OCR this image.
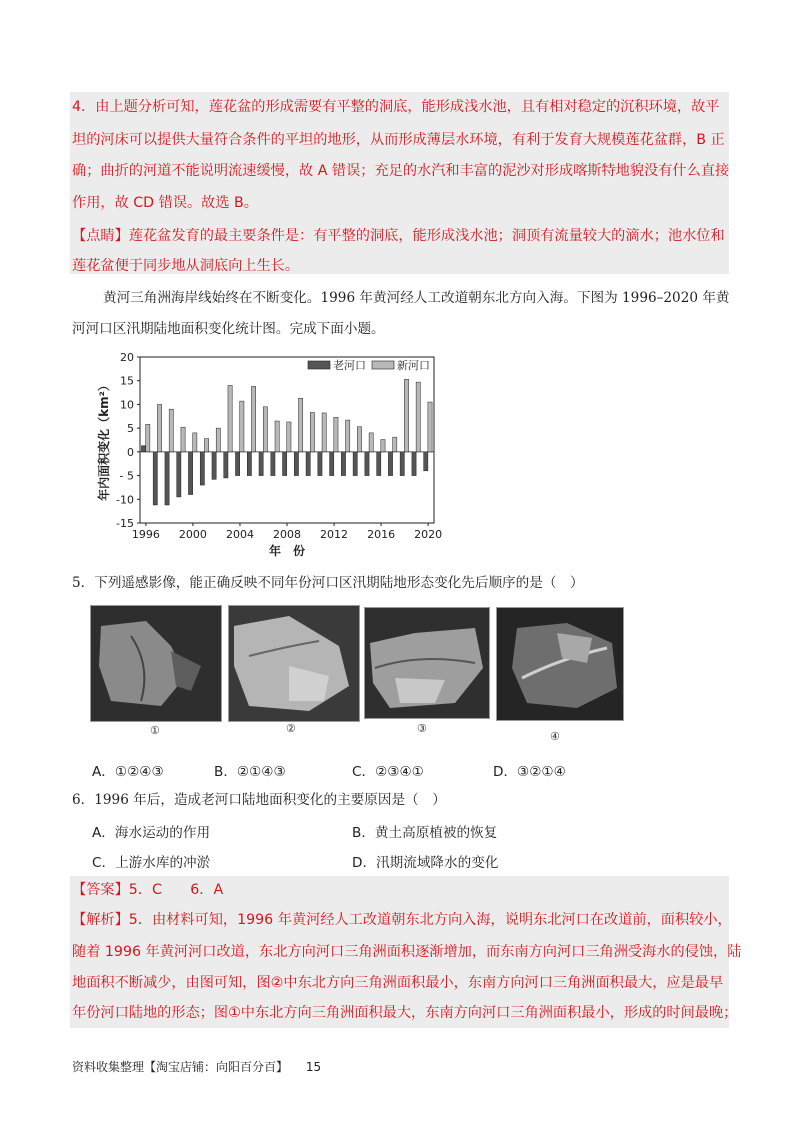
4．由上题分析可知，莲花盆的形成需要有平整的洞底，能形成浅水池，且有相对稳定的沉积环境，故平
坦的河床可以提供大量符合条件的平坦的地形，从而形成薄层水环境，有利于发育大规模莲花盆群，B 正
确；曲折的河道不能说明流速缓慢，故 A 错误；充足的水汽和丰富的泥沙对形成喀斯特地貌没有什么直接
作用，故 CD 错误。故选 B。
【点睛】莲花盆发育的最主要条件是：有平整的洞底，能形成浅水池；洞顶有流量较大的滴水；池水位和
莲花盆便于同步地从洞底向上生长。
黄河三角洲海岸线始终在不断变化。1996 年黄河经人工改道朝东北方向入海。下图为 1996–2020 年黄
河河口区汛期陆地面积变化统计图。完成下面小题。
20
15
10
5
0
- 5
-10
-15
1996 2000 2004 2008 2012 2016 2020
年　份
年内面积变化（km²）
老河口	新河口
5．下列遥感影像，能正确反映不同年份河口区汛期陆地形态变化先后顺序的是（　）
①	②	③
④
A．①②④③	B．②①④③	C．②③④①	D．③②①④
6．1996 年后，造成老河口陆地面积变化的主要原因是（　）
A．海水运动的作用	B．黄土高原植被的恢复
C．上游水库的冲淤	D．汛期流域降水的变化
【答案】5．C　　6．A
【解析】5．由材料可知，1996 年黄河经人工改道朝东北方向入海，说明东北河口在改道前，面积较小，
随着 1996 年黄河河口改道，东北方向河口三角洲面积逐渐增加，而东南方向河口三角洲受海水的侵蚀，陆
地面积不断减少，由图可知，图②中东北方向三角洲面积最小，东南方向河口三角洲面积最大，应是最早
年份河口陆地的形态；图①中东北方向三角洲面积最大，东南方向河口三角洲面积最小，形成的时间最晚；
资料收集整理【淘宝店铺：向阳百分百】 15
